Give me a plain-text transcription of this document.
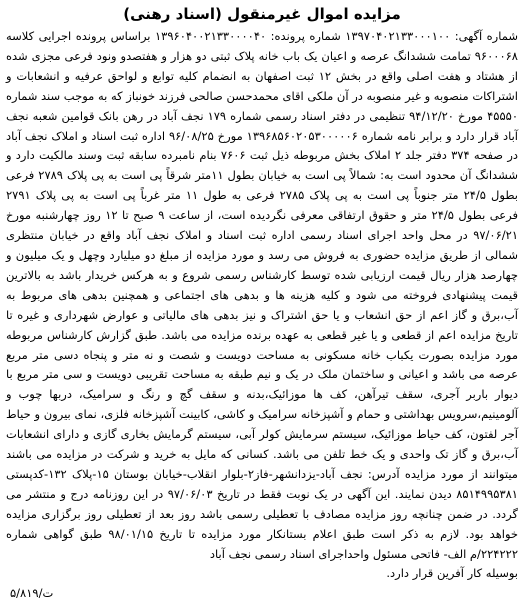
مزایده اموال غیرمنقول (اسناد رهنی)

شماره آگهی: ۱۳۹۷۰۴۰۲۱۳۳۰۰۰۱۰۰ شماره پرونده: ۱۳۹۶۰۴۰۰۲۱۳۳۰۰۰۰۴۰ براساس پرونده اجرایی کلاسه ۹۶۰۰۰۶۸ تمامت ششدانگ عرصه و اعیان یک باب خانه پلاک ثبتی دو هزار و هفتصدو ونود فرعی مجزی شده از هشتاد و هفت اصلی واقع در بخش ۱۲ ثبت اصفهان به انضمام کلیه توابع و لواحق عرفیه و انشعابات و اشتراکات منصوبه و غیر منصوبه در آن ملکی اقای محمدحسن صالحی فرزند خونباز که به موجب سند شماره ۴۵۵۵۰ مورخ ۹۴/۱۲/۲۰ تنظیمی در دفتر اسناد رسمی شماره ۱۷۹ نجف آباد در رهن بانک قوامین شعبه نجف آباد قرار دارد و برابر نامه شماره ۱۳۹۶۸۵۶۰۲۰۵۳۰۰۰۰۰۶ مورخ ۹۶/۰۸/۲۵ اداره ثبت اسناد و املاک نجف آباد در صفحه ۳۷۴ دفتر جلد ۲ املاک بخش مربوطه ذیل ثبت ۷۶۰۶ بنام نامبرده سابقه ثبت وسند مالکیت دارد و ششدانگ آن محدود است به: شمالاً پی است به خیابان بطول ۱۱متر شرقاً پی است به پی پلاک ۲۷۸۹ فرعی بطول ۲۴/۵ متر جنوباً پی است به پی پلاک ۲۷۸۵ فرعی به طول ۱۱ متر غرباً پی است به پی پلاک ۲۷۹۱ فرعی بطول ۲۴/۵ متر و حقوق ارتفاقی معرفی نگردیده است، از ساعت ۹ صبح تا ۱۲ روز چهارشنبه مورخ ۹۷/۰۶/۲۱ در محل واحد اجرای اسناد رسمی اداره ثبت اسناد و املاک نجف آباد واقع در خیابان منتظری شمالی از طریق مزایده حضوری به فروش می رسد و مورد مزایده از مبلغ دو میلیارد وچهل و یک میلیون و چهارصد هزار ریال قیمت ارزیابی شده توسط کارشناس رسمی شروع و به هرکس خریدار باشد به بالاترین قیمت پیشنهادی فروخته می شود و کلیه هزینه ها و بدهی های اجتماعی و همچنین بدهی های مربوط به آب،برق و گاز اعم از حق انشعاب و یا حق اشتراک و نیز بدهی های مالیاتی و عوارض شهرداری و غیره تا تاریخ مزایده اعم از قطعی و یا غیر قطعی به عهده برنده مزایده می باشد. طبق گزارش کارشناس مربوطه مورد مزایده بصورت یکباب خانه مسکونی به مساحت دویست و شصت و نه متر و پنجاه دسی متر مربع عرصه می باشد و اعیانی و ساختمان ملک در یک و نیم طبقه به مساحت تقریبی دویست و سی متر مربع با دیوار باربر آجری، سقف تیرآهن، کف ها موزائیک،بدنه و سقف گچ و رنگ و سرامیک، دربها چوب و آلومینیم،سرویس بهداشتی و حمام و آشپزخانه سرامیک و کاشی، کابینت آشپزخانه فلزی، نمای بیرون و حیاط آجر لفتون، کف حیاط موزائیک، سیستم سرمایش کولر آبی، سیستم گرمایش بخاری گازی و دارای انشعابات آب،برق و گاز تک واحدی و یک خط تلفن می باشد. کسانی که مایل به خرید و شرکت در مزایده می باشند میتوانند از مورد مزایده آدرس: نجف آباد-یزدانشهر-فاز۲-بلوار انقلاب-خیابان بوستان ۱۵-پلاک ۱۳۲-کدپستی ۸۵۱۴۹۹۵۳۸۱ دیدن نمایند. این آگهی در یک نوبت فقط در تاریخ ۹۷/۰۶/۰۳ در این روزنامه درج و منتشر می گردد. در ضمن چنانچه روز مزایده مصادف با تعطیلی رسمی باشد روز بعد از تعطیلی روز برگزاری مزایده خواهد بود. لازم به ذکر است طبق اعلام بستانکار مورد مزایده تا تاریخ ۹۸/۰۱/۱۵ طبق گواهی شماره ۲۲۴۲۲۲/م الف- فاتحی مسئول واحداجرای اسناد رسمی نجف آباد

بوسیله کار آفرین قرار دارد.
۵/۸۱۹/ت
